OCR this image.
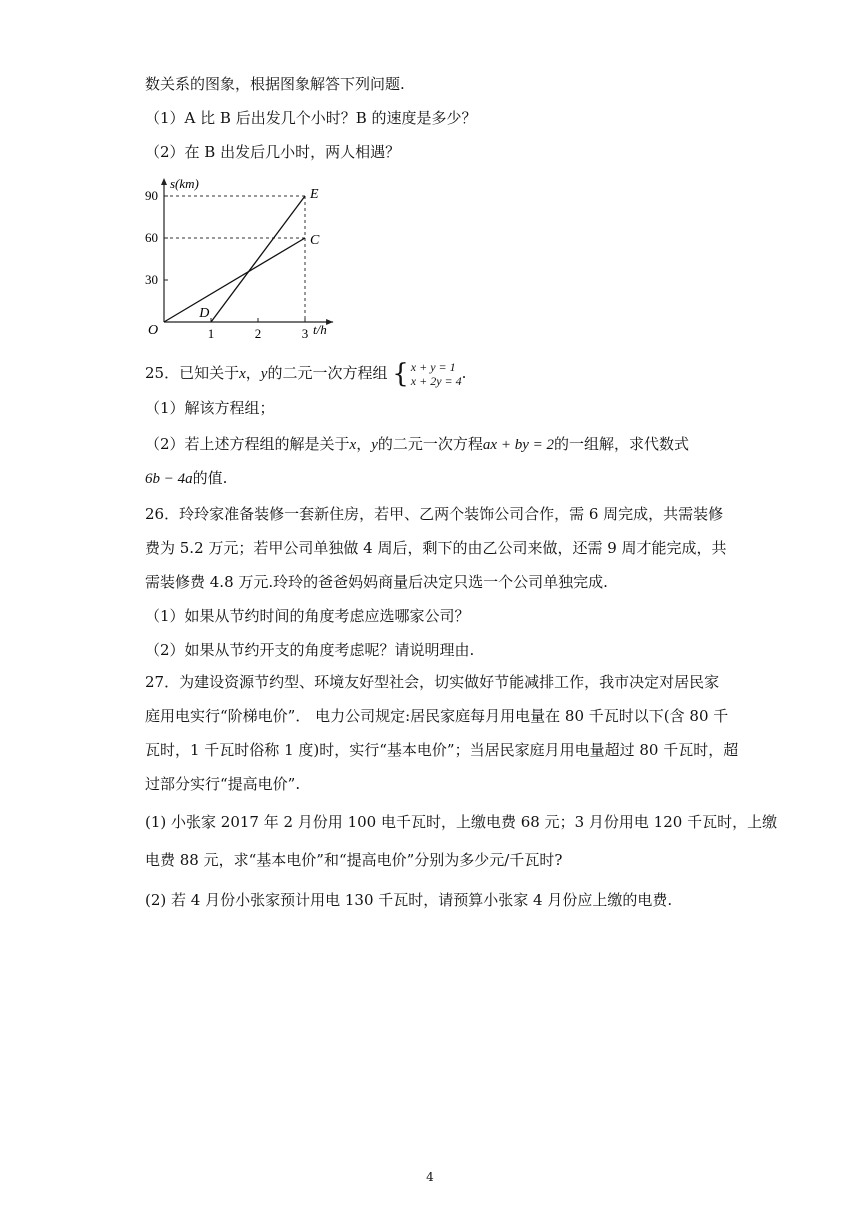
数关系的图象，根据图象解答下列问题.
（1）A 比 B 后出发几个小时？B 的速度是多少？
（2）在 B 出发后几小时，两人相遇？
30
60
90
1	2	3
s(km)
t/h
O
D
E
C
25．已知关于x，y的二元一次方程组 { x + y = 1
x + 2y = 4 .
（1）解该方程组；
（2）若上述方程组的解是关于x，y的二元一次方程ax + by = 2的一组解，求代数式
6b − 4a的值.
26．玲玲家准备装修一套新住房，若甲、乙两个装饰公司合作，需 6 周完成，共需装修
费为 5.2 万元；若甲公司单独做 4 周后，剩下的由乙公司来做，还需 9 周才能完成，共
需装修费 4.8 万元.玲玲的爸爸妈妈商量后决定只选一个公司单独完成.
（1）如果从节约时间的角度考虑应选哪家公司？
（2）如果从节约开支的角度考虑呢？请说明理由.
27．为建设资源节约型、环境友好型社会，切实做好节能减排工作，我市决定对居民家
庭用电实行“阶梯电价”． 电力公司规定:居民家庭每月用电量在 80 千瓦时以下(含 80 千
瓦时，1 千瓦时俗称 1 度)时，实行“基本电价”；当居民家庭月用电量超过 80 千瓦时，超
过部分实行“提高电价”.
(1) 小张家 2017 年 2 月份用 100 电千瓦时，上缴电费 68 元；3 月份用电 120 千瓦时，上缴
电费 88 元，求“基本电价”和“提高电价”分别为多少元/千瓦时?
(2) 若 4 月份小张家预计用电 130 千瓦时，请预算小张家 4 月份应上缴的电费.
4
